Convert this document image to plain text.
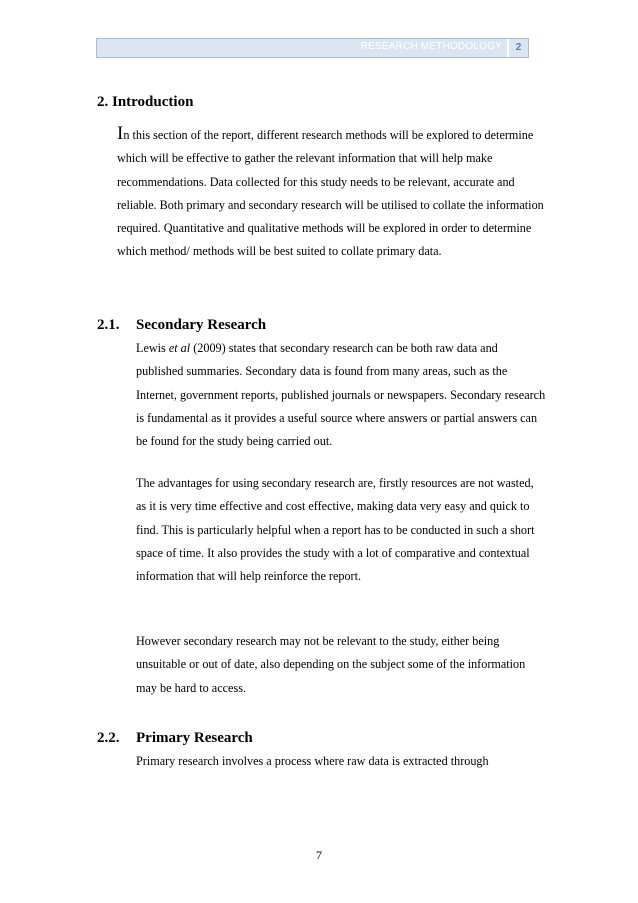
RESEARCH METHODOLOGY	2
2. Introduction

In this section of the report, different research methods will be explored to determine which will be effective to gather the relevant information that will help make recommendations. Data collected for this study needs to be relevant, accurate and reliable. Both primary and secondary research will be utilised to collate the information required. Quantitative and qualitative methods will be explored in order to determine which method/ methods will be best suited to collate primary data.

2.1. Secondary Research

Lewis et al (2009) states that secondary research can be both raw data and published summaries. Secondary data is found from many areas, such as the Internet, government reports, published journals or newspapers. Secondary research is fundamental as it provides a useful source where answers or partial answers can be found for the study being carried out.

The advantages for using secondary research are, firstly resources are not wasted, as it is very time effective and cost effective, making data very easy and quick to find. This is particularly helpful when a report has to be conducted in such a short space of time. It also provides the study with a lot of comparative and contextual information that will help reinforce the report.

However secondary research may not be relevant to the study, either being unsuitable or out of date, also depending on the subject some of the information may be hard to access.

2.2. Primary Research

Primary research involves a process where raw data is extracted through

7
